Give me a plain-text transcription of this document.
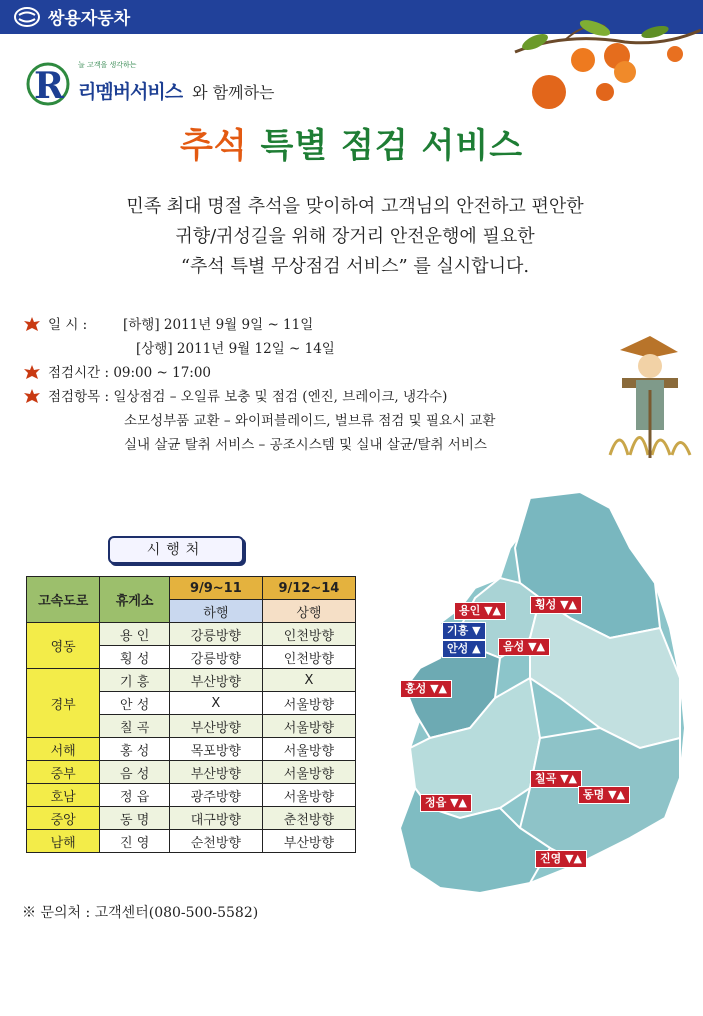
쌍용자동차
R 늘 고객을 생각하는
리멤버서비스 와 함께하는
추석 특별 점검 서비스
민족 최대 명절 추석을 맞이하여 고객님의 안전하고 편안한
귀향/귀성길을 위해 장거리 안전운행에 필요한
“추석 특별 무상점검 서비스” 를 실시합니다.
일 시 :	[하행] 2011년 9월 9일 ~ 11일
[상행] 2011년 9월 12일 ~ 14일
점검시간 : 09:00 ~ 17:00
점검항목 : 일상점검 – 오일류 보충 및 점검 (엔진, 브레이크, 냉각수)
소모성부품 교환 – 와이퍼블레이드, 벌브류 점검 및 필요시 교환
실내 살균 탈취 서비스 – 공조시스템 및 실내 살균/탈취 서비스
시행처
고속도로	휴게소	9/9~11	9/12~14
		하행	상행
영동	용 인	강릉방향	인천방향
	횡 성	강릉방향	인천방향
경부	기 흥	부산방향	X
	안 성	X	서울방향
	칠 곡	부산방향	서울방향
서해	홍 성	목포방향	서울방향
중부	음 성	부산방향	서울방향
호남	정 읍	광주방향	서울방향
중앙	동 명	대구방향	춘천방향
남해	진 영	순천방향	부산방향
※ 문의처 : 고객센터(080-500-5582)
용인 ▼▲	횡성 ▼▲
기흥 ▼
안성 ▲	음성 ▼▲
홍성 ▼▲
칠곡 ▼▲
동명 ▼▲
정읍 ▼▲
진영 ▼▲
